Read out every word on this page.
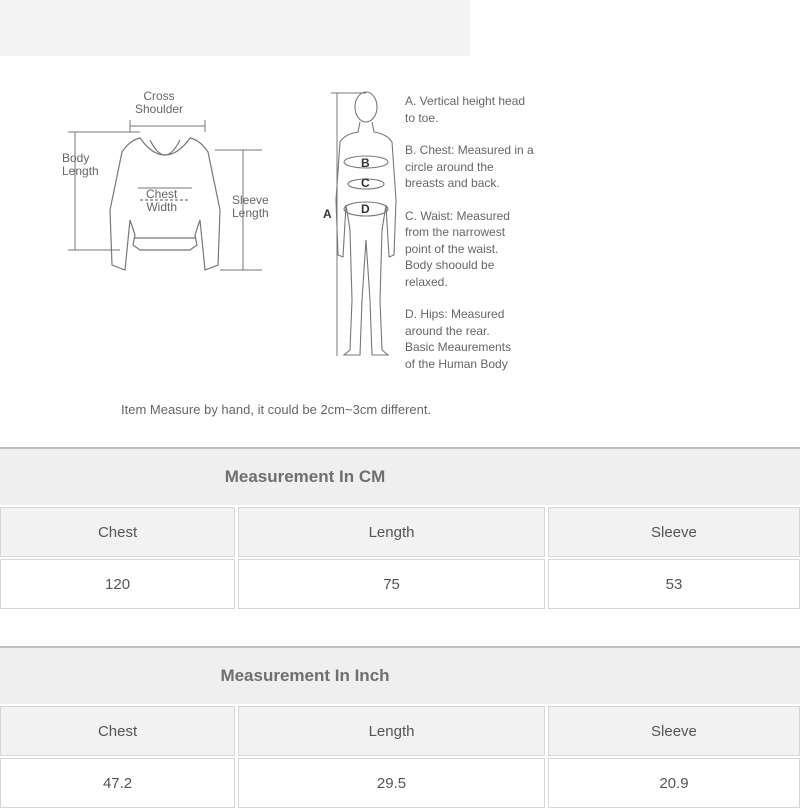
Cross
Shoulder
Body
Length
Chest
Width	Sleeve
Length	A
B
C
D
A. Vertical height head
to toe.
B. Chest: Measured in a
circle around the
breasts and back.
C. Waist: Measured
from the narrowest
point of the waist.
Body shoould be
relaxed.
D. Hips: Measured
around the rear.
Basic Meaurements
of the Human Body
Item Measure by hand, it could be 2cm~3cm different.
Measurement In CM
Chest	Length	Sleeve
120	75	53
Measurement In Inch
Chest	Length	Sleeve
47.2	29.5	20.9
